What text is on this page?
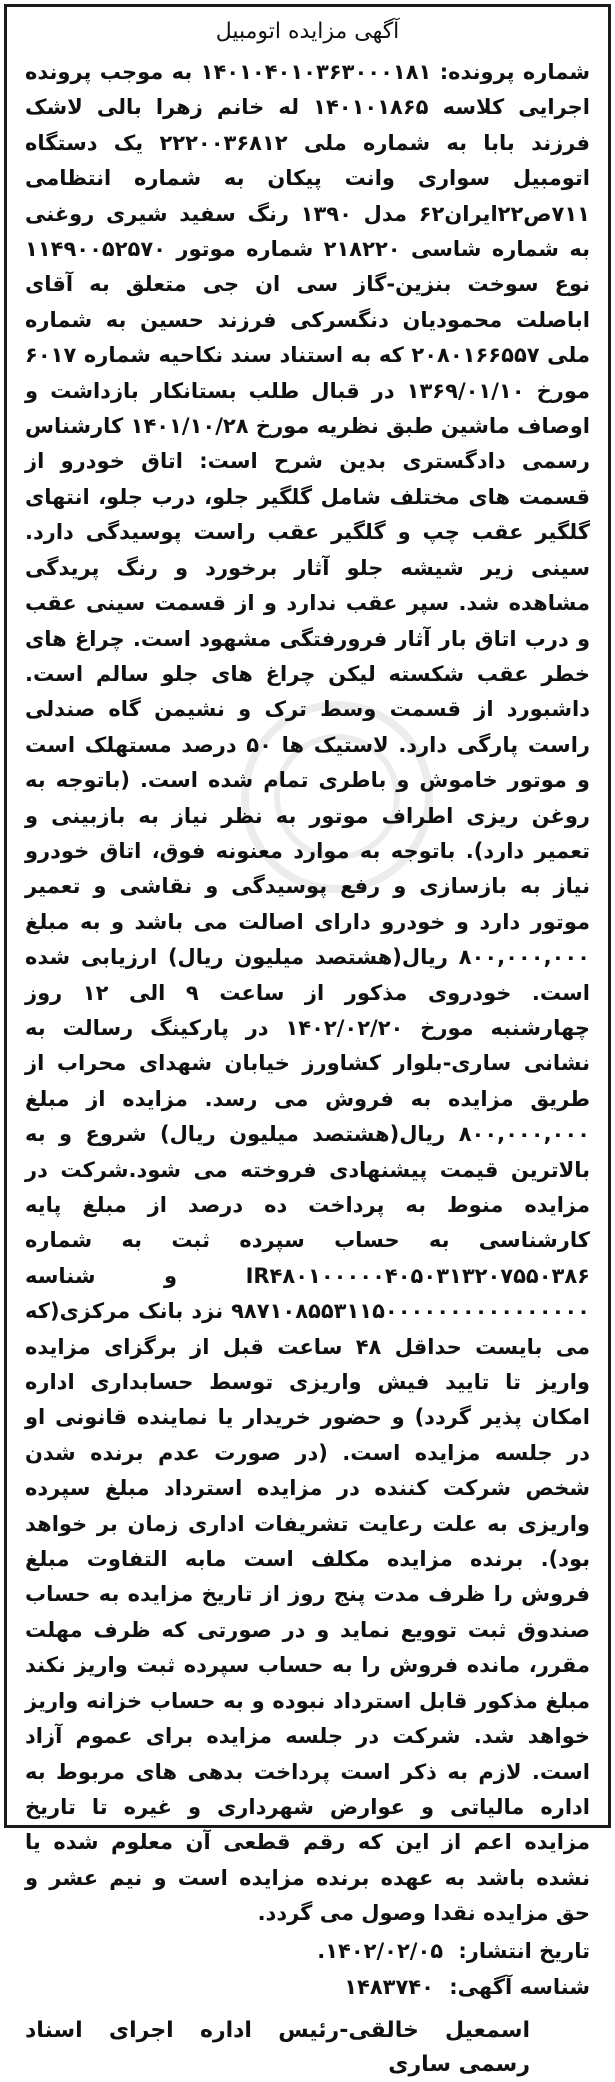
آگهی مزایده اتومبیل

شماره پرونده: ۱۴۰۱۰۴۰۱۰۳۶۳۰۰۰۱۸۱ به موجب پرونده اجرایی کلاسه ۱۴۰۱۰۱۸۶۵ له خانم زهرا بالی لاشک فرزند بابا به شماره ملی ۲۲۲۰۰۳۶۸۱۲ یک دستگاه اتومبیل سواری وانت پیکان به شماره انتظامی ۷۱۱ص۲۲ایران۶۲ مدل ۱۳۹۰ رنگ سفید شیری روغنی به شماره شاسی ۲۱۸۲۲۰ شماره موتور ۱۱۴۹۰۰۵۲۵۷۰ نوع سوخت بنزین-گاز سی ان جی متعلق به آقای اباصلت محمودیان دنگسرکی فرزند حسین به شماره ملی ۲۰۸۰۱۶۶۵۵۷ که به استناد سند نکاحیه شماره ۶۰۱۷ مورخ ۱۳۶۹/۰۱/۱۰ در قبال طلب بستانکار بازداشت و اوصاف ماشین طبق نظریه مورخ ۱۴۰۱/۱۰/۲۸ کارشناس رسمی دادگستری بدین شرح است: اتاق خودرو از قسمت های مختلف شامل گلگیر جلو، درب جلو، انتهای گلگیر عقب چپ و گلگیر عقب راست پوسیدگی دارد. سینی زیر شیشه جلو آثار برخورد و رنگ پریدگی مشاهده شد. سپر عقب ندارد و از قسمت سینی عقب و درب اتاق بار آثار فرورفتگی مشهود است. چراغ های خطر عقب شکسته لیکن چراغ های جلو سالم است. داشبورد از قسمت وسط ترک و نشیمن گاه صندلی راست پارگی دارد. لاستیک ها ۵۰ درصد مستهلک است و موتور خاموش و باطری تمام شده است. (باتوجه به روغن ریزی اطراف موتور به نظر نیاز به بازبینی و تعمیر دارد). باتوجه به موارد معنونه فوق، اتاق خودرو نیاز به بازسازی و رفع پوسیدگی و نقاشی و تعمیر موتور دارد و خودرو دارای اصالت می باشد و به مبلغ ۸۰۰,۰۰۰,۰۰۰ ریال(هشتصد میلیون ریال) ارزیابی شده است. خودروی مذکور از ساعت ۹ الی ۱۲ روز چهارشنبه مورخ ۱۴۰۲/۰۲/۲۰ در پارکینگ رسالت به نشانی ساری-بلوار کشاورز خیابان شهدای محراب از طریق مزایده به فروش می رسد. مزایده از مبلغ ۸۰۰,۰۰۰,۰۰۰ ریال(هشتصد میلیون ریال) شروع و به بالاترین قیمت پیشنهادی فروخته می شود.شرکت در مزایده منوط به پرداخت ده درصد از مبلغ پایه کارشناسی به حساب سپرده ثبت به شماره IR۴۸۰۱۰۰۰۰۰۴۰۵۰۳۱۳۲۰۷۵۵۰۳۸۶ و شناسه ۹۸۷۱۰۸۵۵۳۱۱۵۰۰۰۰۰۰۰۰۰۰۰۰۰۰۰۰ نزد بانک مرکزی(که می بایست حداقل ۴۸ ساعت قبل از برگزای مزایده واریز تا تایید فیش واریزی توسط حسابداری اداره امکان پذیر گردد) و حضور خریدار یا نماینده قانونی او در جلسه مزایده است. (در صورت عدم برنده شدن شخص شرکت کننده در مزایده استرداد مبلغ سپرده واریزی به علت رعایت تشریفات اداری زمان بر خواهد بود). برنده مزایده مکلف است مابه التفاوت مبلغ فروش را ظرف مدت پنج روز از تاریخ مزایده به حساب صندوق ثبت توویع نماید و در صورتی که ظرف مهلت مقرر، مانده فروش را به حساب سپرده ثبت واریز نکند مبلغ مذکور قابل استرداد نبوده و به حساب خزانه واریز خواهد شد. شرکت در جلسه مزایده برای عموم آزاد است. لازم به ذکر است پرداخت بدهی های مربوط به اداره مالیاتی و عوارض شهرداری و غیره تا تاریخ مزایده اعم از این که رقم قطعی آن معلوم شده یا نشده باشد به عهده برنده مزایده است و نیم عشر و حق مزایده نقدا وصول می گردد.

تاریخ انتشار: ۱۴۰۲/۰۲/۰۵.
شناسه آگهی: ۱۴۸۳۷۴۰
اسمعیل خالقی-رئیس اداره اجرای اسناد رسمی ساری
